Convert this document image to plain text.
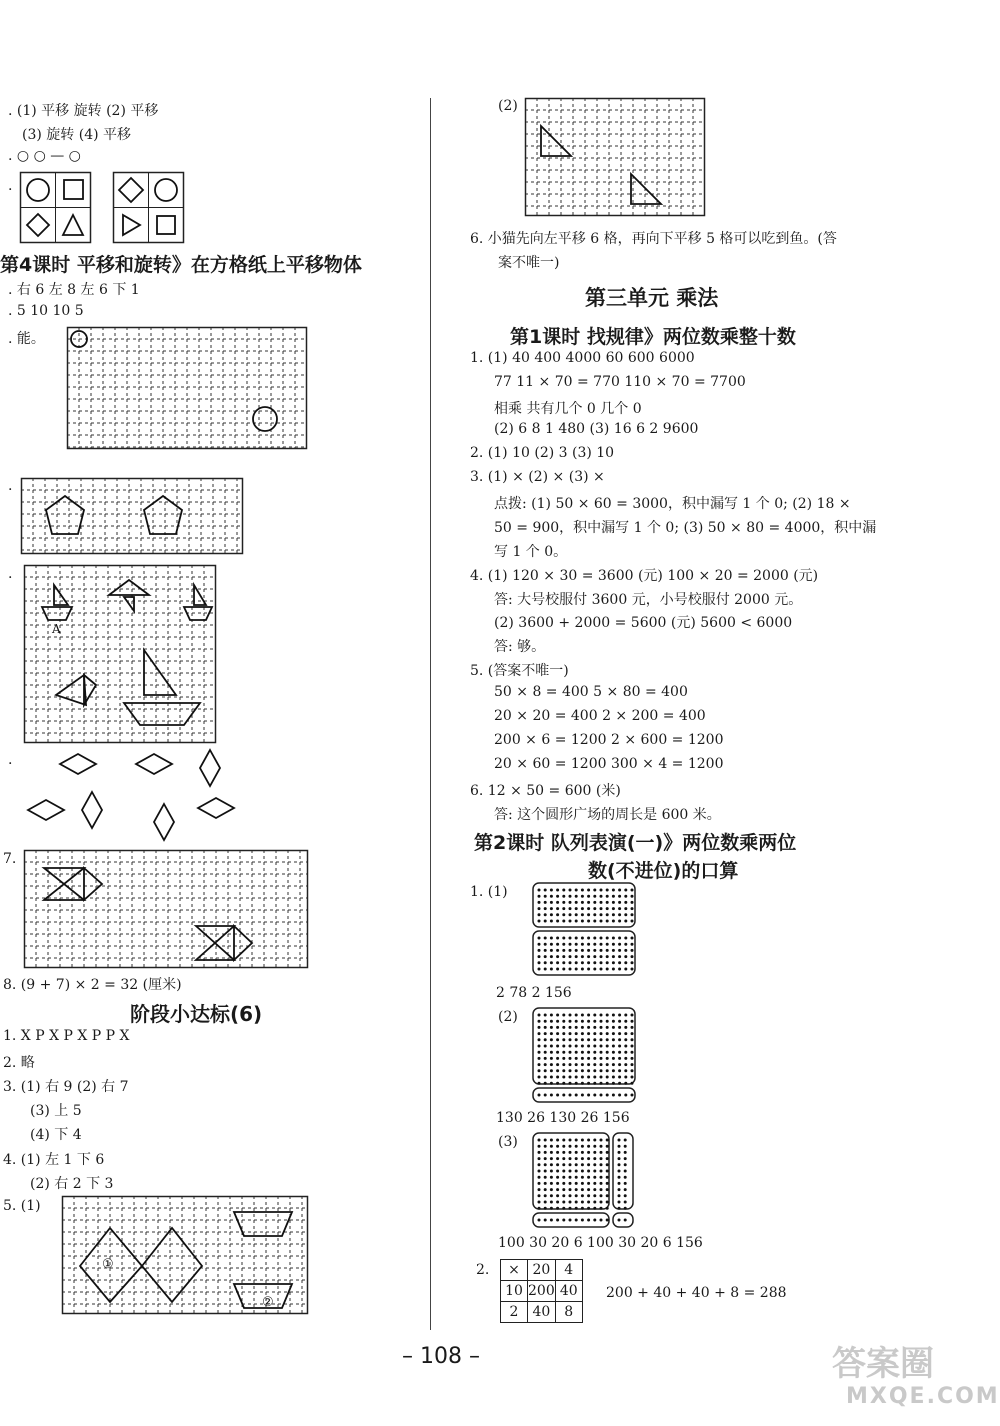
. (1) 平移 旋转 (2) 平移
(3) 旋转 (4) 平移
. ○ ○ — ○
.
第4课时 平移和旋转》在方格纸上平移物体
. 右 6 左 8 左 6 下 1
. 5 10 10 5
. 能。
.
.
A
.
7.
8. (9 + 7) × 2 = 32 (厘米)
阶段小达标(6)
1. X P X P X P P X
2. 略
3. (1) 右 9 (2) 右 7
(3) 上 5
(4) 下 4
4. (1) 左 1 下 6
(2) 右 2 下 3
5. (1)
①
②
(2)
6. 小猫先向左平移 6 格，再向下平移 5 格可以吃到鱼。(答
案不唯一)
第三单元 乘法
第1课时 找规律》两位数乘整十数
1. (1) 40 400 4000 60 600 6000
77 11 × 70 = 770 110 × 70 = 7700
相乘 共有几个 0 几个 0
(2) 6 8 1 480 (3) 16 6 2 9600
2. (1) 10 (2) 3 (3) 10
3. (1) × (2) × (3) ×
点拨: (1) 50 × 60 = 3000，积中漏写 1 个 0; (2) 18 ×
50 = 900，积中漏写 1 个 0; (3) 50 × 80 = 4000，积中漏
写 1 个 0。
4. (1) 120 × 30 = 3600 (元) 100 × 20 = 2000 (元)
答: 大号校服付 3600 元，小号校服付 2000 元。
(2) 3600 + 2000 = 5600 (元) 5600 < 6000
答: 够。
5. (答案不唯一)
50 × 8 = 400 5 × 80 = 400
20 × 20 = 400 2 × 200 = 400
200 × 6 = 1200 2 × 600 = 1200
20 × 60 = 1200 300 × 4 = 1200
6. 12 × 50 = 600 (米)
答: 这个圆形广场的周长是 600 米。
第2课时 队列表演(一)》两位数乘两位
数(不进位)的口算
1. (1)
2 78 2 156
(2)
130 26 130 26 156
(3)
100 30 20 6 100 30 20 6 156
2. ×	20	4
10	200	40
2	40	8
200 + 40 + 40 + 8 = 288
– 108 –	答案圈
MXQE.COM
